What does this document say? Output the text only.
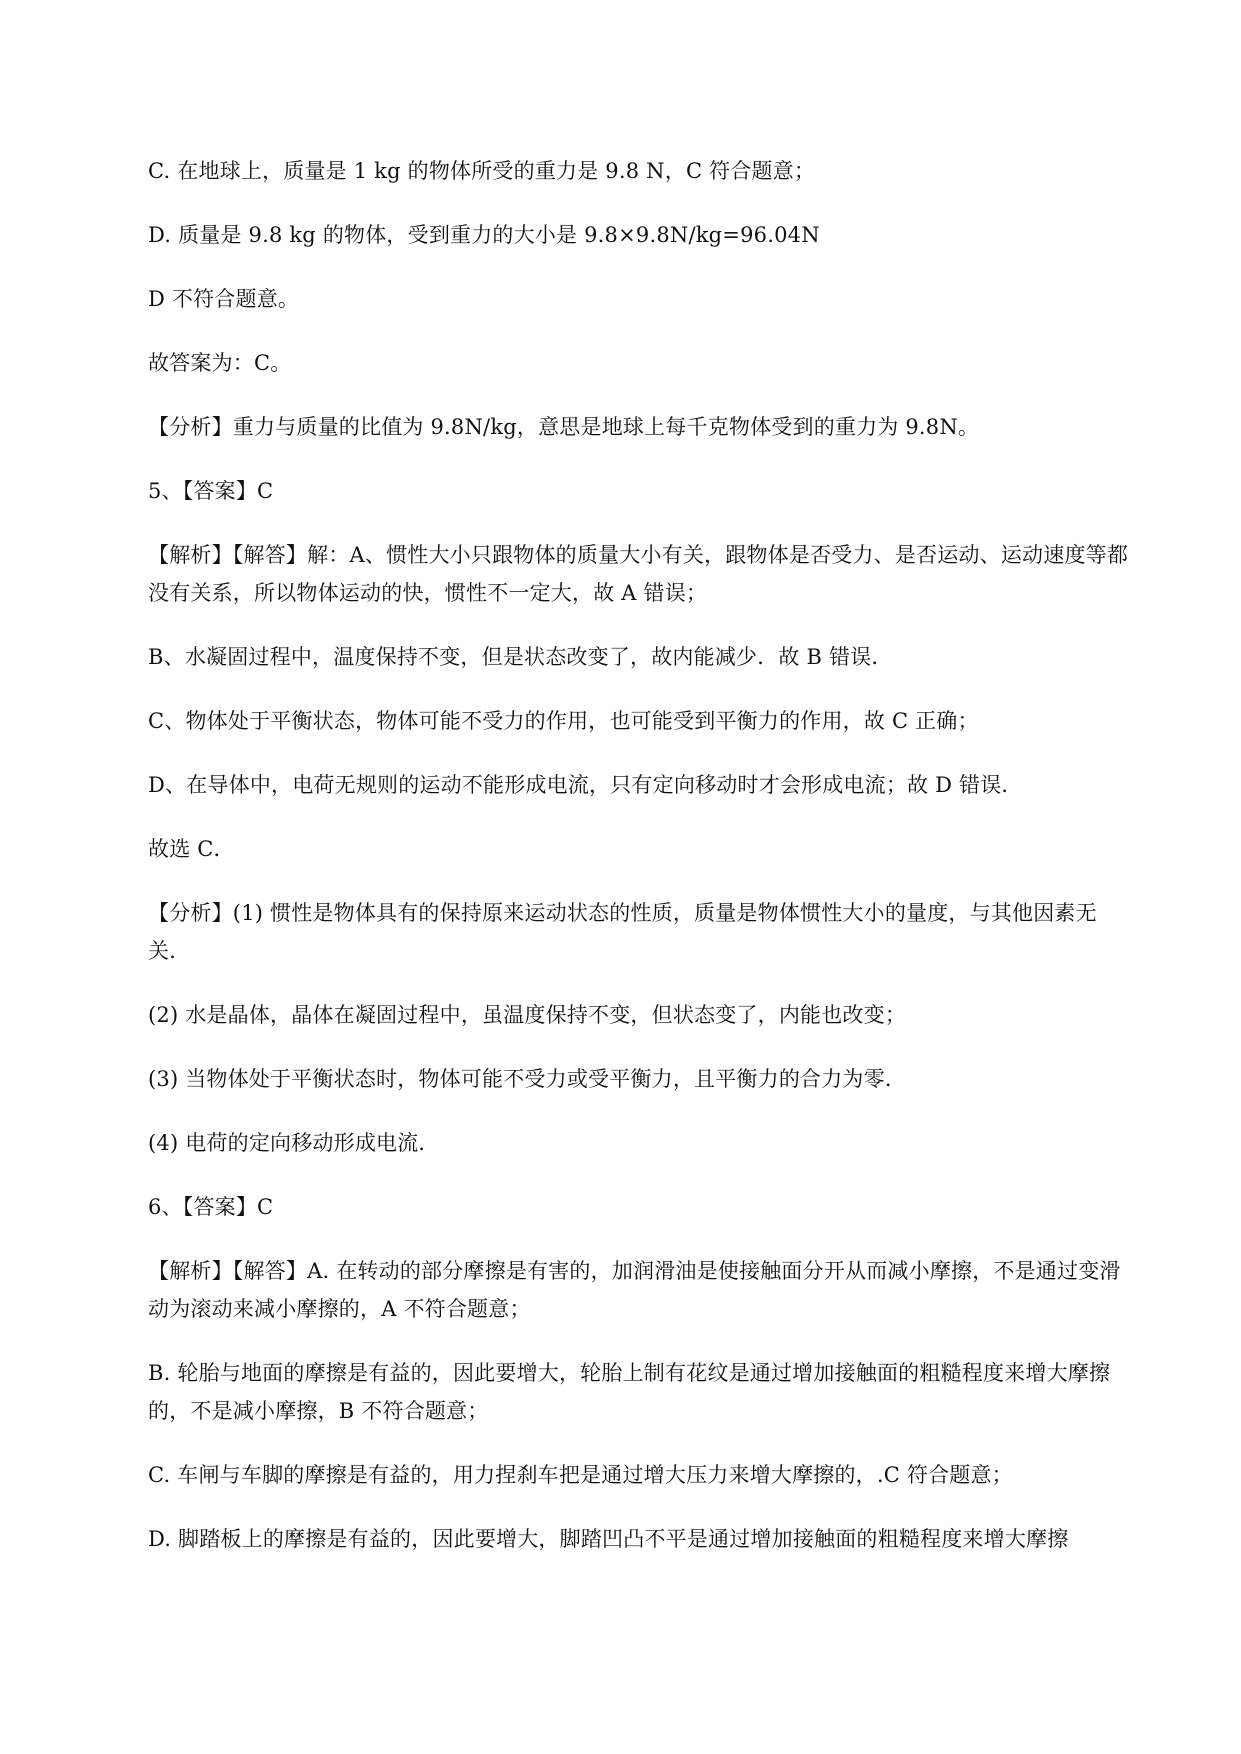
C. 在地球上，质量是 1 kg 的物体所受的重力是 9.8 N，C 符合题意；
D. 质量是 9.8 kg 的物体，受到重力的大小是 9.8×9.8N/kg=96.04N
D 不符合题意。
故答案为：C。
【分析】重力与质量的比值为 9.8N/kg，意思是地球上每千克物体受到的重力为 9.8N。
5、【答案】C
【解析】【解答】解：A、惯性大小只跟物体的质量大小有关，跟物体是否受力、是否运动、运动速度等都没有关系，所以物体运动的快，惯性不一定大，故 A 错误；
B、水凝固过程中，温度保持不变，但是状态改变了，故内能减少．故 B 错误．
C、物体处于平衡状态，物体可能不受力的作用，也可能受到平衡力的作用，故 C 正确；
D、在导体中，电荷无规则的运动不能形成电流，只有定向移动时才会形成电流；故 D 错误．
故选 C．
【分析】(1) 惯性是物体具有的保持原来运动状态的性质，质量是物体惯性大小的量度，与其他因素无关．
(2) 水是晶体，晶体在凝固过程中，虽温度保持不变，但状态变了，内能也改变；
(3) 当物体处于平衡状态时，物体可能不受力或受平衡力，且平衡力的合力为零．
(4) 电荷的定向移动形成电流．
6、【答案】C
【解析】【解答】A. 在转动的部分摩擦是有害的，加润滑油是使接触面分开从而减小摩擦，不是通过变滑动为滚动来减小摩擦的，A 不符合题意；
B. 轮胎与地面的摩擦是有益的，因此要增大，轮胎上制有花纹是通过增加接触面的粗糙程度来增大摩擦的，不是减小摩擦，B 不符合题意；
C. 车闸与车脚的摩擦是有益的，用力捏刹车把是通过增大压力来增大摩擦的，.C 符合题意；
D. 脚踏板上的摩擦是有益的，因此要增大，脚踏凹凸不平是通过增加接触面的粗糙程度来增大摩擦
